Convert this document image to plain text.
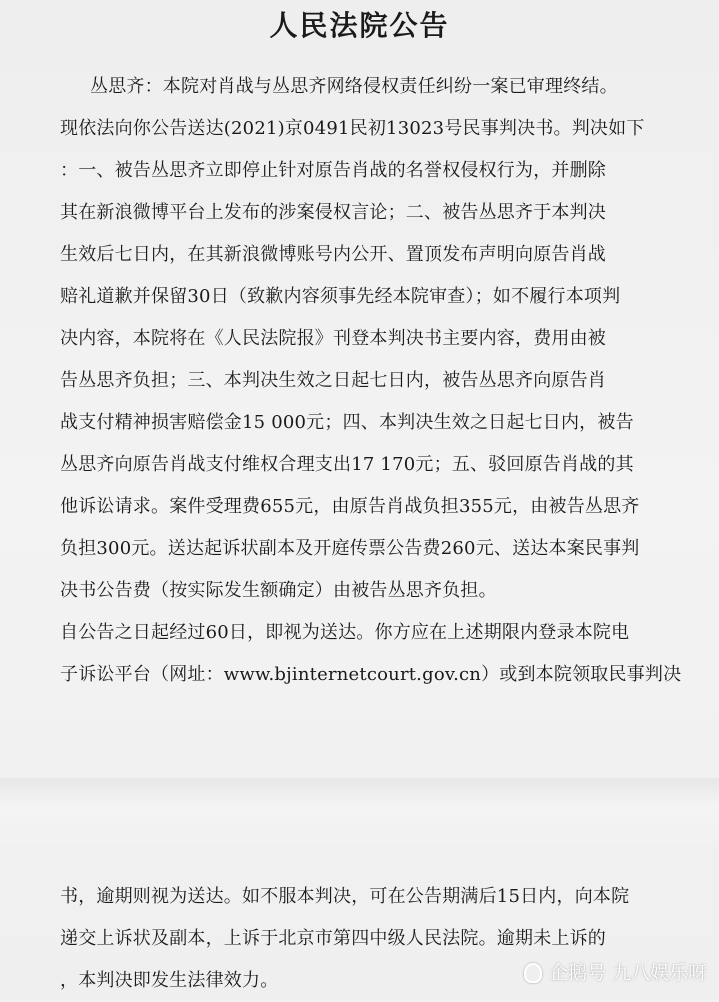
人民法院公告
丛思齐：本院对肖战与丛思齐网络侵权责任纠纷一案已审理终结。
现依法向你公告送达(2021)京0491民初13023号民事判决书。判决如下
：一、被告丛思齐立即停止针对原告肖战的名誉权侵权行为，并删除
其在新浪微博平台上发布的涉案侵权言论；二、被告丛思齐于本判决
生效后七日内，在其新浪微博账号内公开、置顶发布声明向原告肖战
赔礼道歉并保留30日（致歉内容须事先经本院审查）；如不履行本项判
决内容，本院将在《人民法院报》刊登本判决书主要内容，费用由被
告丛思齐负担；三、本判决生效之日起七日内，被告丛思齐向原告肖
战支付精神损害赔偿金15 000元；四、本判决生效之日起七日内，被告
丛思齐向原告肖战支付维权合理支出17 170元；五、驳回原告肖战的其
他诉讼请求。案件受理费655元，由原告肖战负担355元，由被告丛思齐
负担300元。送达起诉状副本及开庭传票公告费260元、送达本案民事判
决书公告费（按实际发生额确定）由被告丛思齐负担。
自公告之日起经过60日，即视为送达。你方应在上述期限内登录本院电
子诉讼平台（网址：www.bjinternetcourt.gov.cn）或到本院领取民事判决
书，逾期则视为送达。如不服本判决，可在公告期满后15日内，向本院
递交上诉状及副本，上诉于北京市第四中级人民法院。逾期未上诉的
，本判决即发生法律效力。	企鹅号 九八娱乐呀
